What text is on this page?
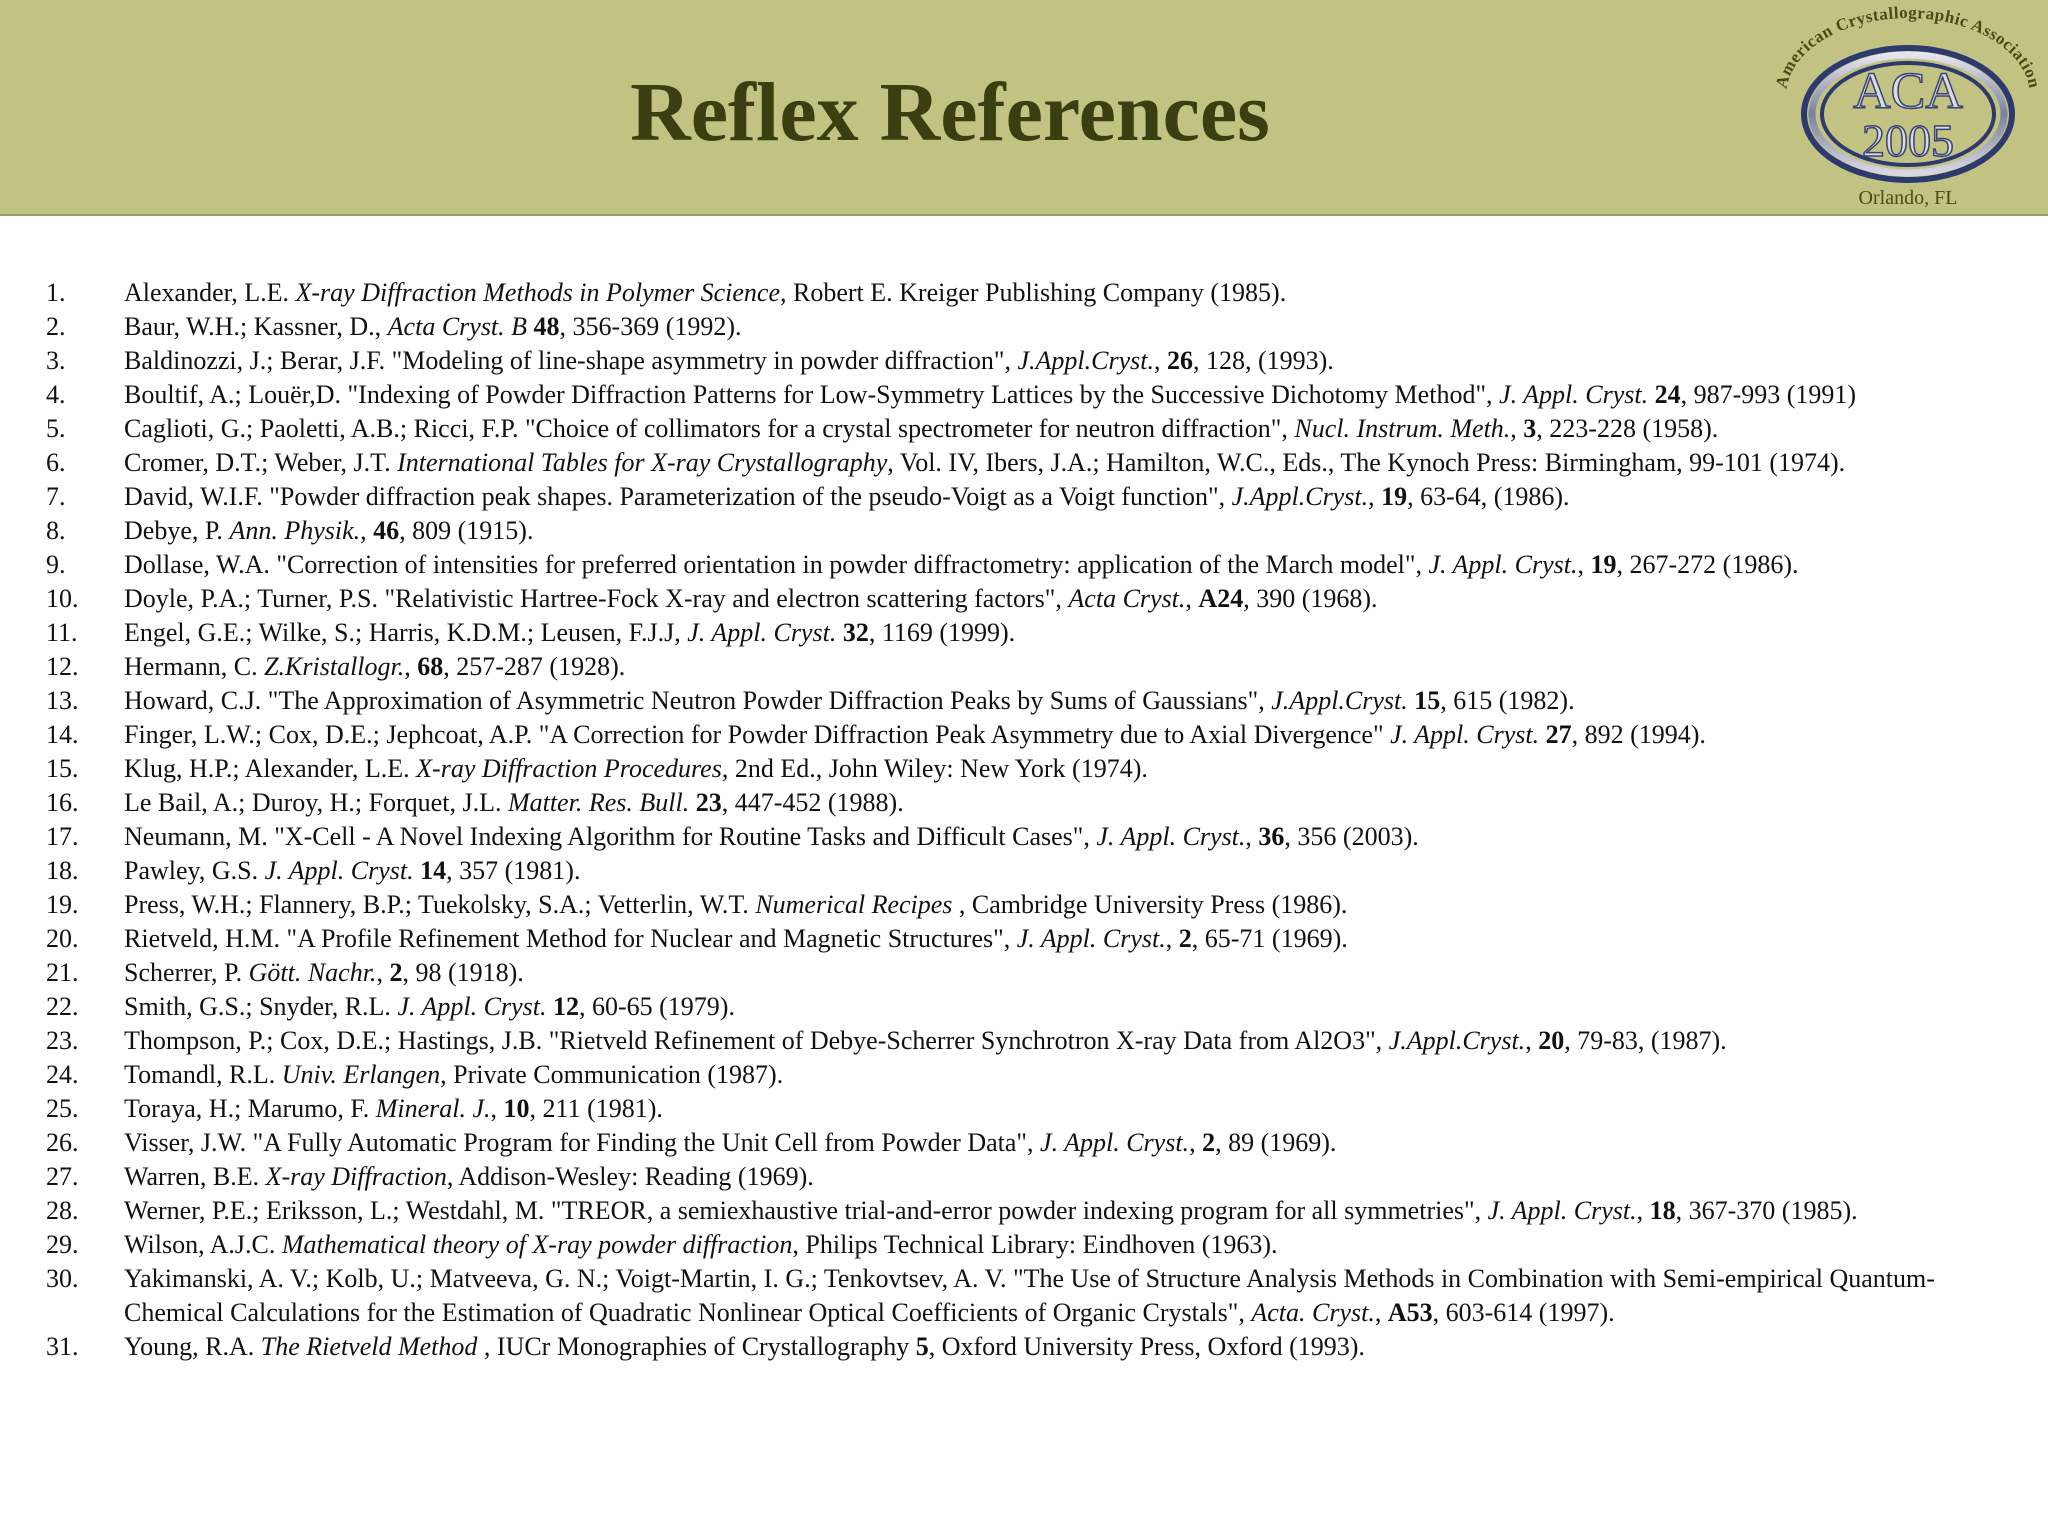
Reflex References	American Crystallographic Association
ACA
2005
Orlando, FL
1. Alexander, L.E. X-ray Diffraction Methods in Polymer Science, Robert E. Kreiger Publishing Company (1985).
2. Baur, W.H.; Kassner, D., Acta Cryst. B 48, 356-369 (1992).
3. Baldinozzi, J.; Berar, J.F. "Modeling of line-shape asymmetry in powder diffraction", J.Appl.Cryst., 26, 128, (1993).
4. Boultif, A.; Louër,D. "Indexing of Powder Diffraction Patterns for Low-Symmetry Lattices by the Successive Dichotomy Method", J. Appl. Cryst. 24, 987-993 (1991)
5. Caglioti, G.; Paoletti, A.B.; Ricci, F.P. "Choice of collimators for a crystal spectrometer for neutron diffraction", Nucl. Instrum. Meth., 3, 223-228 (1958).
6. Cromer, D.T.; Weber, J.T. International Tables for X-ray Crystallography, Vol. IV, Ibers, J.A.; Hamilton, W.C., Eds., The Kynoch Press: Birmingham, 99-101 (1974).
7. David, W.I.F. "Powder diffraction peak shapes. Parameterization of the pseudo-Voigt as a Voigt function", J.Appl.Cryst., 19, 63-64, (1986).
8. Debye, P. Ann. Physik., 46, 809 (1915).
9. Dollase, W.A. "Correction of intensities for preferred orientation in powder diffractometry: application of the March model", J. Appl. Cryst., 19, 267-272 (1986).
10. Doyle, P.A.; Turner, P.S. "Relativistic Hartree-Fock X-ray and electron scattering factors", Acta Cryst., A24, 390 (1968).
11. Engel, G.E.; Wilke, S.; Harris, K.D.M.; Leusen, F.J.J, J. Appl. Cryst. 32, 1169 (1999).
12. Hermann, C. Z.Kristallogr., 68, 257-287 (1928).
13. Howard, C.J. "The Approximation of Asymmetric Neutron Powder Diffraction Peaks by Sums of Gaussians", J.Appl.Cryst. 15, 615 (1982).
14. Finger, L.W.; Cox, D.E.; Jephcoat, A.P. "A Correction for Powder Diffraction Peak Asymmetry due to Axial Divergence" J. Appl. Cryst. 27, 892 (1994).
15. Klug, H.P.; Alexander, L.E. X-ray Diffraction Procedures, 2nd Ed., John Wiley: New York (1974).
16. Le Bail, A.; Duroy, H.; Forquet, J.L. Matter. Res. Bull. 23, 447-452 (1988).
17. Neumann, M. "X-Cell - A Novel Indexing Algorithm for Routine Tasks and Difficult Cases", J. Appl. Cryst., 36, 356 (2003).
18. Pawley, G.S. J. Appl. Cryst. 14, 357 (1981).
19. Press, W.H.; Flannery, B.P.; Tuekolsky, S.A.; Vetterlin, W.T. Numerical Recipes , Cambridge University Press (1986).
20. Rietveld, H.M. "A Profile Refinement Method for Nuclear and Magnetic Structures", J. Appl. Cryst., 2, 65-71 (1969).
21. Scherrer, P. Gött. Nachr., 2, 98 (1918).
22. Smith, G.S.; Snyder, R.L. J. Appl. Cryst. 12, 60-65 (1979).
23. Thompson, P.; Cox, D.E.; Hastings, J.B. "Rietveld Refinement of Debye-Scherrer Synchrotron X-ray Data from Al2O3", J.Appl.Cryst., 20, 79-83, (1987).
24. Tomandl, R.L. Univ. Erlangen, Private Communication (1987).
25. Toraya, H.; Marumo, F. Mineral. J., 10, 211 (1981).
26. Visser, J.W. "A Fully Automatic Program for Finding the Unit Cell from Powder Data", J. Appl. Cryst., 2, 89 (1969).
27. Warren, B.E. X-ray Diffraction, Addison-Wesley: Reading (1969).
28. Werner, P.E.; Eriksson, L.; Westdahl, M. "TREOR, a semiexhaustive trial-and-error powder indexing program for all symmetries", J. Appl. Cryst., 18, 367-370 (1985).
29. Wilson, A.J.C. Mathematical theory of X-ray powder diffraction, Philips Technical Library: Eindhoven (1963).
30. Yakimanski, A. V.; Kolb, U.; Matveeva, G. N.; Voigt-Martin, I. G.; Tenkovtsev, A. V. "The Use of Structure Analysis Methods in Combination with Semi-empirical Quantum-Chemical Calculations for the Estimation of Quadratic Nonlinear Optical Coefficients of Organic Crystals", Acta. Cryst., A53, 603-614 (1997).
31. Young, R.A. The Rietveld Method , IUCr Monographies of Crystallography 5, Oxford University Press, Oxford (1993).
